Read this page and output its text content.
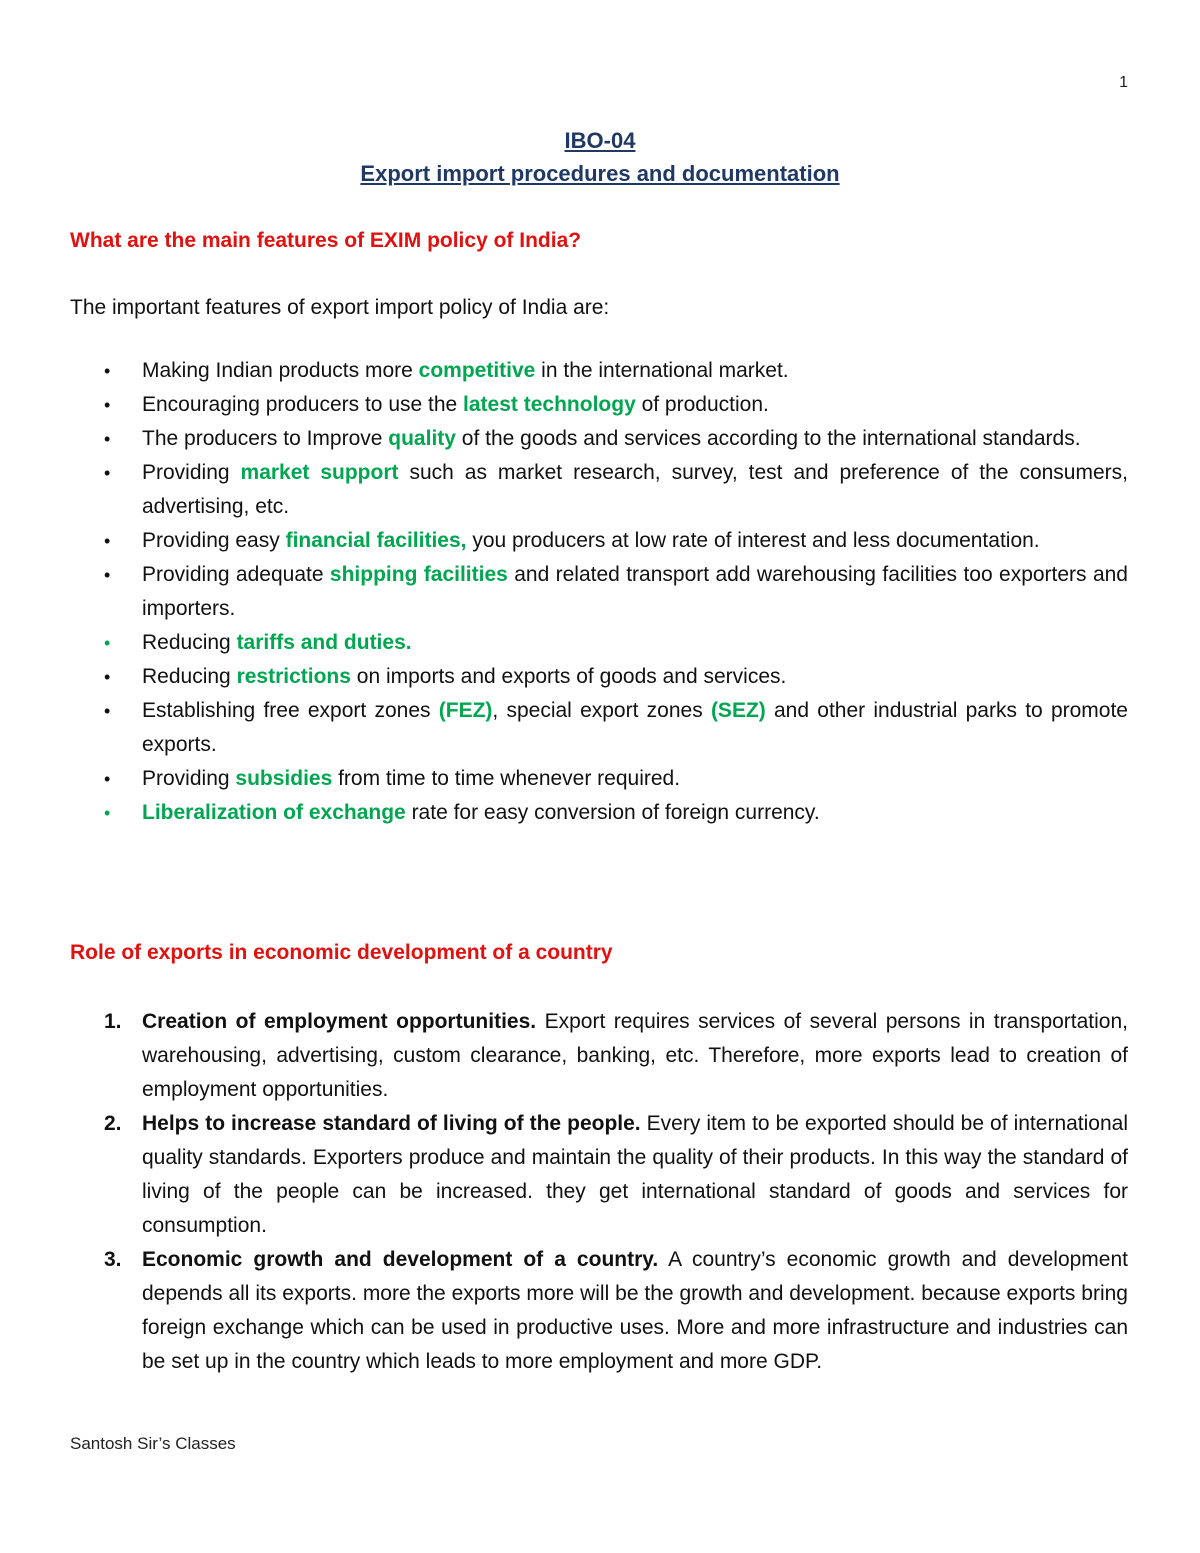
1
IBO-04
Export import procedures and documentation
What are the main features of EXIM policy of India?
The important features of export import policy of India are:
• Making Indian products more competitive in the international market.
• Encouraging producers to use the latest technology of production.
• The producers to Improve quality of the goods and services according to the international standards.
• Providing market support such as market research, survey, test and preference of the consumers, advertising, etc.
• Providing easy financial facilities, you producers at low rate of interest and less documentation.
• Providing adequate shipping facilities and related transport add warehousing facilities too exporters and importers.
• Reducing tariffs and duties.
• Reducing restrictions on imports and exports of goods and services.
• Establishing free export zones (FEZ), special export zones (SEZ) and other industrial parks to promote exports.
• Providing subsidies from time to time whenever required.
• Liberalization of exchange rate for easy conversion of foreign currency.
Role of exports in economic development of a country
1. Creation of employment opportunities. Export requires services of several persons in transportation, warehousing, advertising, custom clearance, banking, etc. Therefore, more exports lead to creation of employment opportunities.
2. Helps to increase standard of living of the people. Every item to be exported should be of international quality standards. Exporters produce and maintain the quality of their products. In this way the standard of living of the people can be increased. they get international standard of goods and services for consumption.
3. Economic growth and development of a country. A country’s economic growth and development depends all its exports. more the exports more will be the growth and development. because exports bring foreign exchange which can be used in productive uses. More and more infrastructure and industries can be set up in the country which leads to more employment and more GDP.
Santosh Sir’s Classes
